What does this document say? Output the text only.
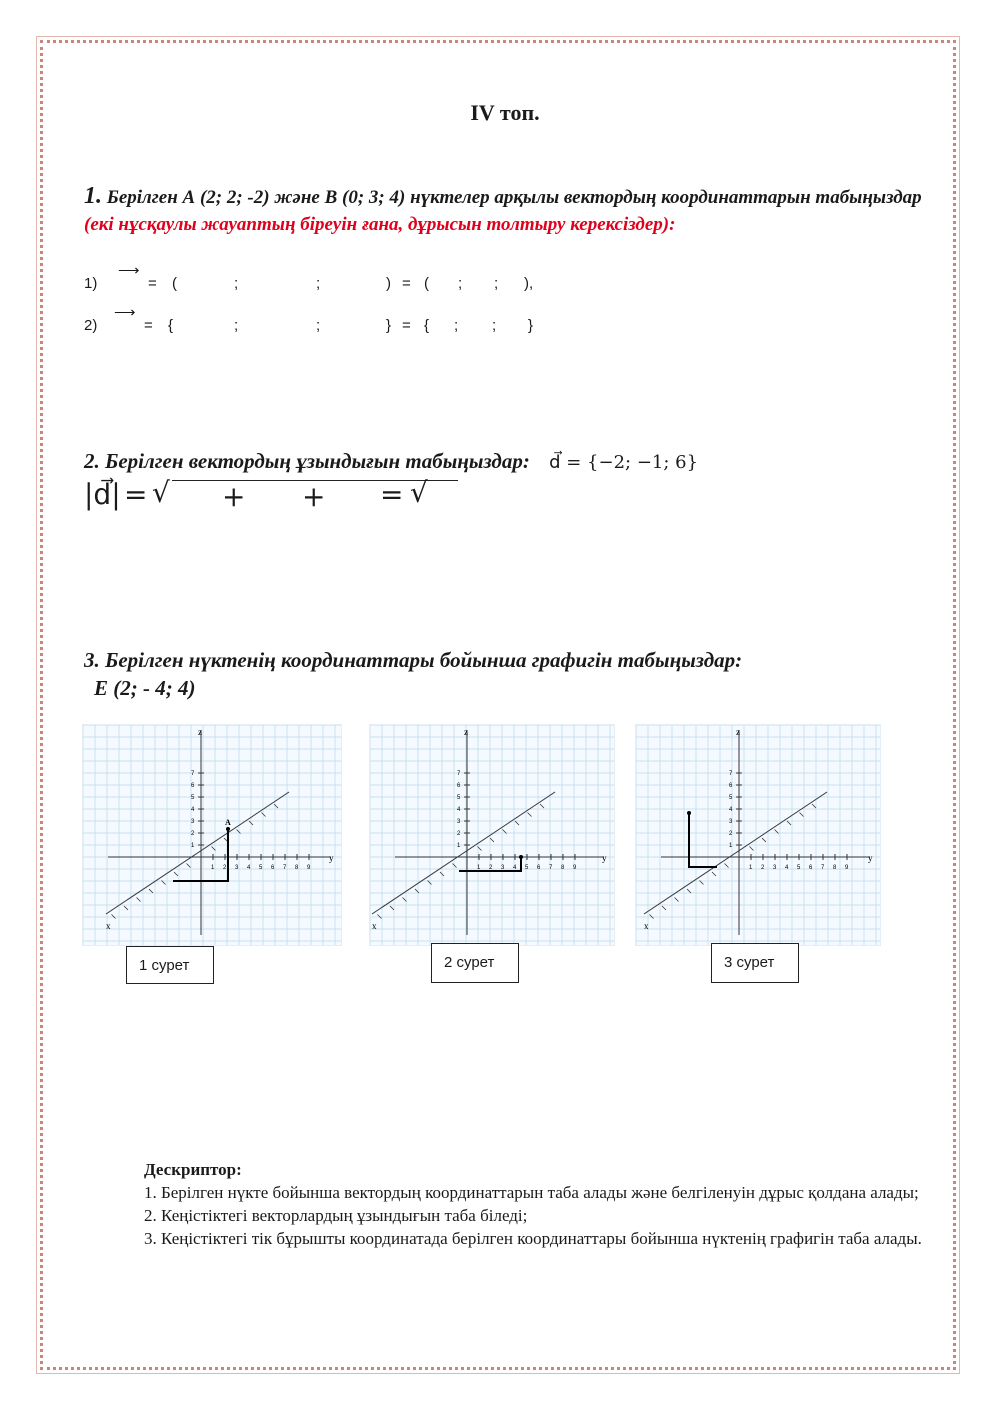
IV топ.
1. Берілген А (2; 2; -2) және В (0; 3; 4) нүктелер арқылы вектордың координаттарын табыңыздар (екі нұсқаулы жауаптың біреуін ғана, дұрысын толтыру керексіздер):
1)
⟶
= (	;	;	) = ( ; ; ),
2)
⟶
= {	;	;	} = { ; ; }
2. Берілген вектордың ұзындығын табыңыздар: d⃗ = {−2; −1; 6}
|d⃗| = √ + + = √
3. Берілген нүктенің координаттары бойынша графигін табыңыздар:
E (2; - 4; 4)
y
z
x
1
1
2
2
3
3
4
4
5
5
6
6
7
7
8 9
A
y
z
x
1
1
2
2
3
3
4
4
5
5
6
6
7
7
8 9
y
z
x
1
1
2
2
3
3
4
4
5
5
6
6
7
7
8 9
1 сурет	2 сурет	3 сурет
Дескриптор:

1. Берілген нүкте бойынша вектордың координаттарын таба алады және белгіленуін дұрыс қолдана алады;

2. Кеңістіктегі векторлардың ұзындығын таба біледі;

3. Кеңістіктегі тік бұрышты координатада берілген координаттары бойынша нүктенің графигін таба алады.
